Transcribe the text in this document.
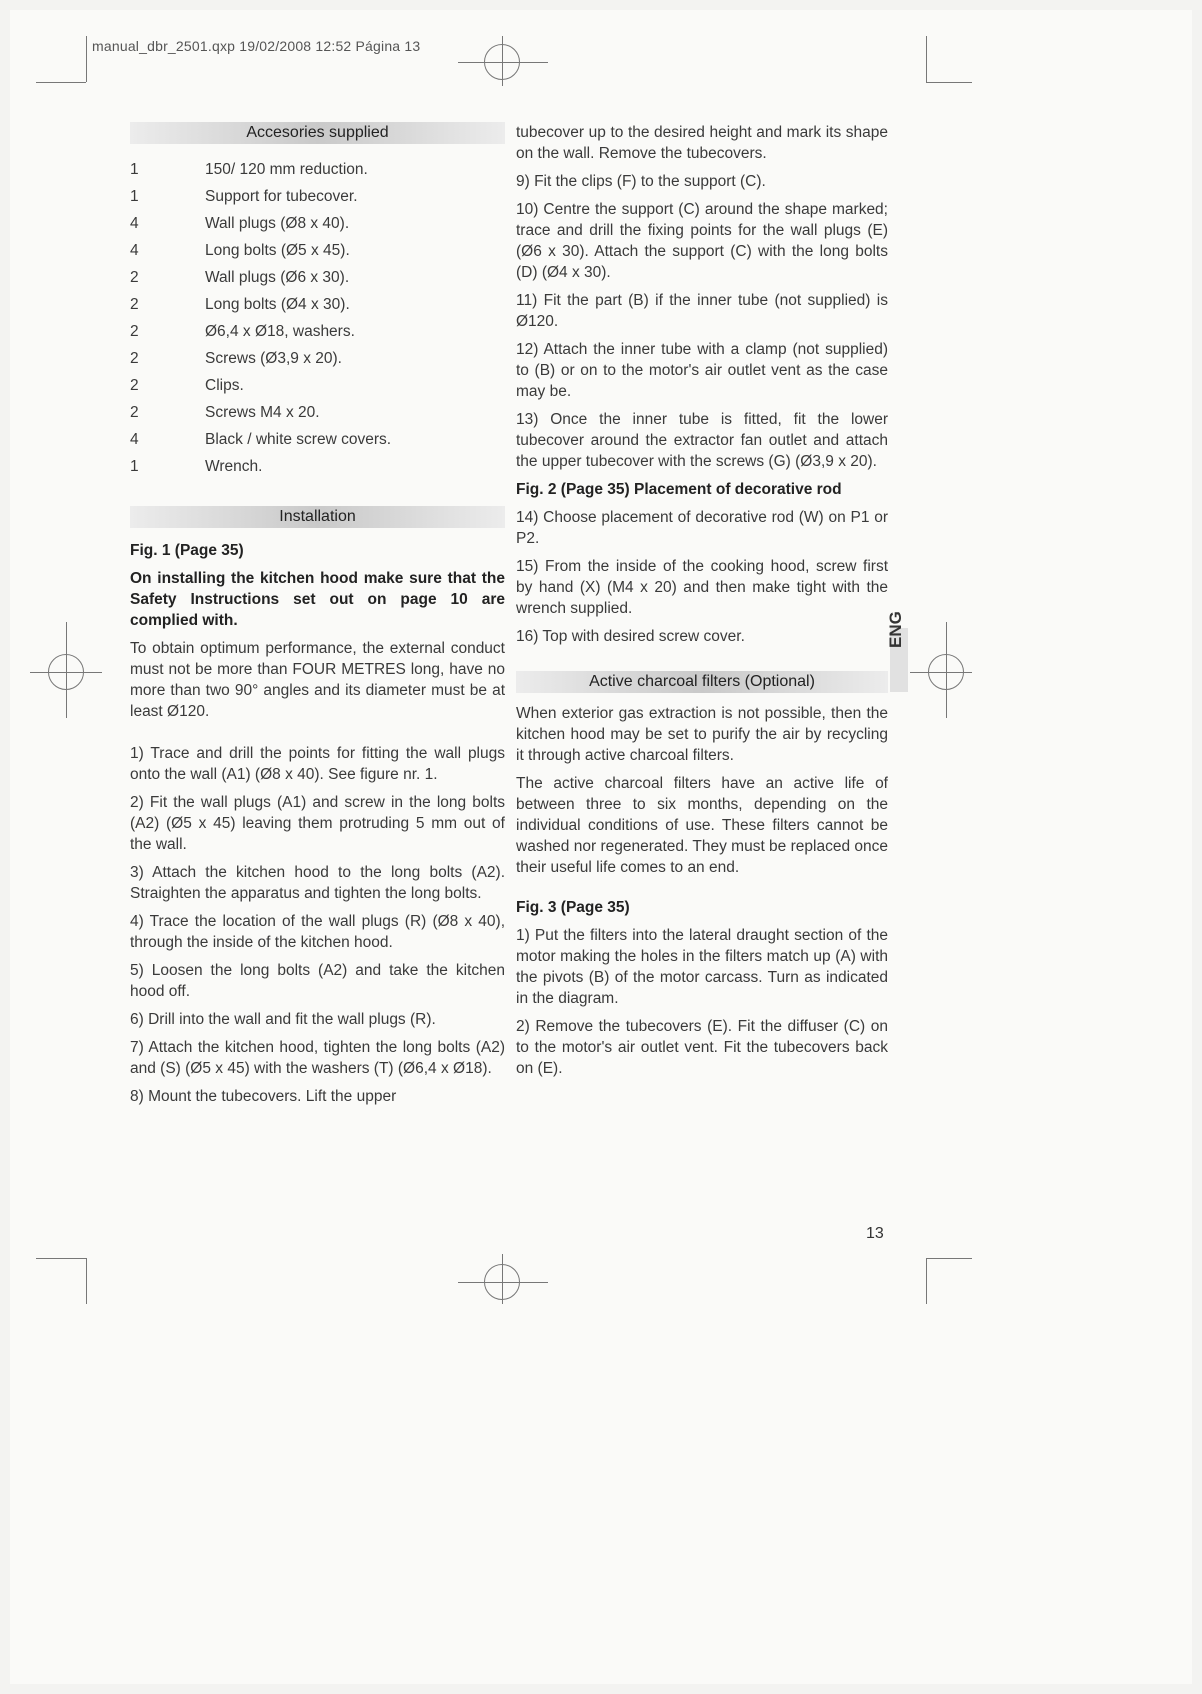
manual_dbr_2501.qxp 19/02/2008 12:52 Página 13
ENG
Accesories supplied
1	150/ 120 mm reduction.
1	Support for tubecover.
4	Wall plugs (Ø8 x 40).
4	Long bolts (Ø5 x 45).
2	Wall plugs (Ø6 x 30).
2	Long bolts (Ø4 x 30).
2	Ø6,4 x Ø18, washers.
2	Screws (Ø3,9 x 20).
2	Clips.
2	Screws M4 x 20.
4	Black / white screw covers.
1	Wrench.
Installation
Fig. 1 (Page 35)

On installing the kitchen hood make sure that the Safety Instructions set out on page 10 are complied with.

To obtain optimum performance, the external conduct must not be more than FOUR METRES long, have no more than two 90° angles and its diameter must be at least Ø120.

1) Trace and drill the points for fitting the wall plugs onto the wall (A1) (Ø8 x 40). See figure nr. 1.

2) Fit the wall plugs (A1) and screw in the long bolts (A2) (Ø5 x 45) leaving them protruding 5 mm out of the wall.

3) Attach the kitchen hood to the long bolts (A2). Straighten the apparatus and tighten the long bolts.

4) Trace the location of the wall plugs (R) (Ø8 x 40), through the inside of the kitchen hood.

5) Loosen the long bolts (A2) and take the kitchen hood off.

6) Drill into the wall and fit the wall plugs (R).

7) Attach the kitchen hood, tighten the long bolts (A2) and (S) (Ø5 x 45) with the washers (T) (Ø6,4 x Ø18).

8) Mount the tubecovers. Lift the upper

tubecover up to the desired height and mark its shape on the wall. Remove the tubecovers.

9) Fit the clips (F) to the support (C).

10) Centre the support (C) around the shape marked; trace and drill the fixing points for the wall plugs (E) (Ø6 x 30). Attach the support (C) with the long bolts (D) (Ø4 x 30).

11) Fit the part (B) if the inner tube (not supplied) is Ø120.

12) Attach the inner tube with a clamp (not supplied) to (B) or on to the motor's air outlet vent as the case may be.

13) Once the inner tube is fitted, fit the lower tubecover around the extractor fan outlet and attach the upper tubecover with the screws (G) (Ø3,9 x 20).

Fig. 2 (Page 35) Placement of decorative rod

14) Choose placement of decorative rod (W) on P1 or P2.

15) From the inside of the cooking hood, screw first by hand (X) (M4 x 20) and then make tight with the wrench supplied.

16) Top with desired screw cover.

Active charcoal filters (Optional)

When exterior gas extraction is not possible, then the kitchen hood may be set to purify the air by recycling it through active charcoal filters.

The active charcoal filters have an active life of between three to six months, depending on the individual conditions of use. These filters cannot be washed nor regenerated. They must be replaced once their useful life comes to an end.

Fig. 3 (Page 35)

1) Put the filters into the lateral draught section of the motor making the holes in the filters match up (A) with the pivots (B) of the motor carcass. Turn as indicated in the diagram.

2) Remove the tubecovers (E). Fit the diffuser (C) on to the motor's air outlet vent. Fit the tubecovers back on (E).

13
